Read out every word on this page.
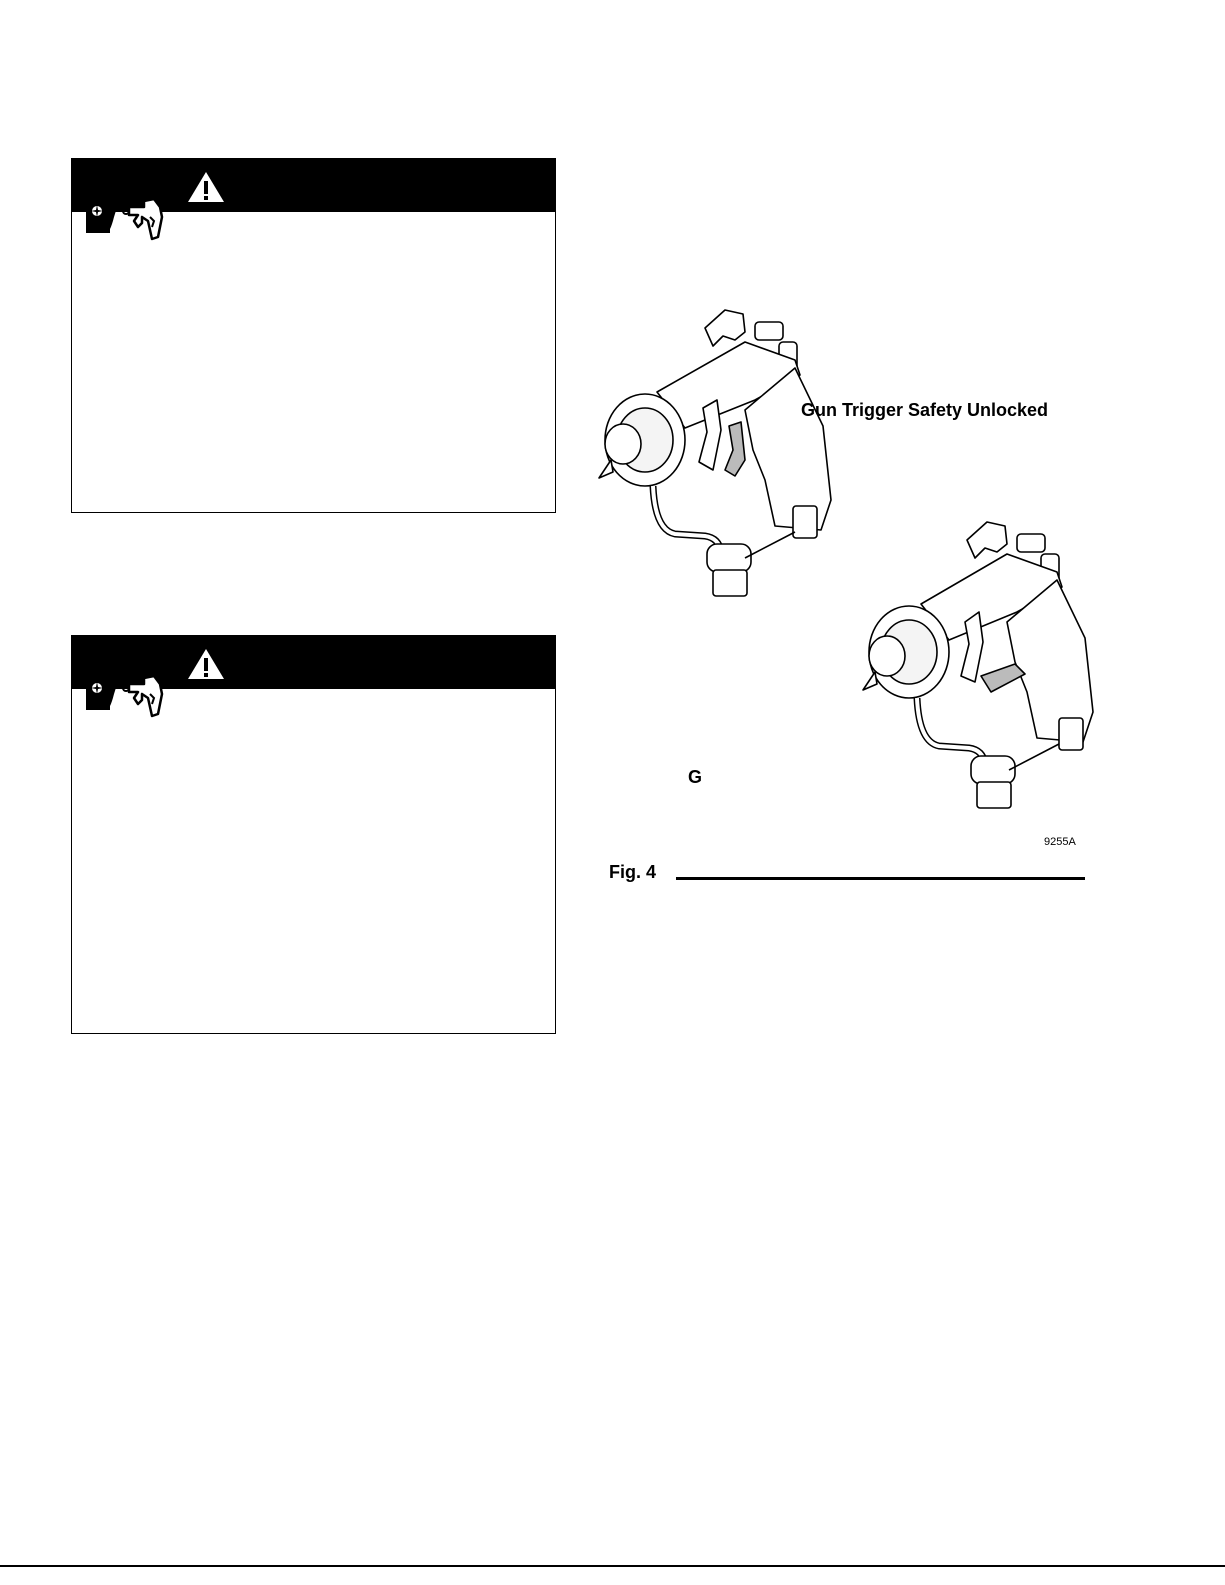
Gun Trigger Safety Unlocked
G
9255A
Fig. 4
